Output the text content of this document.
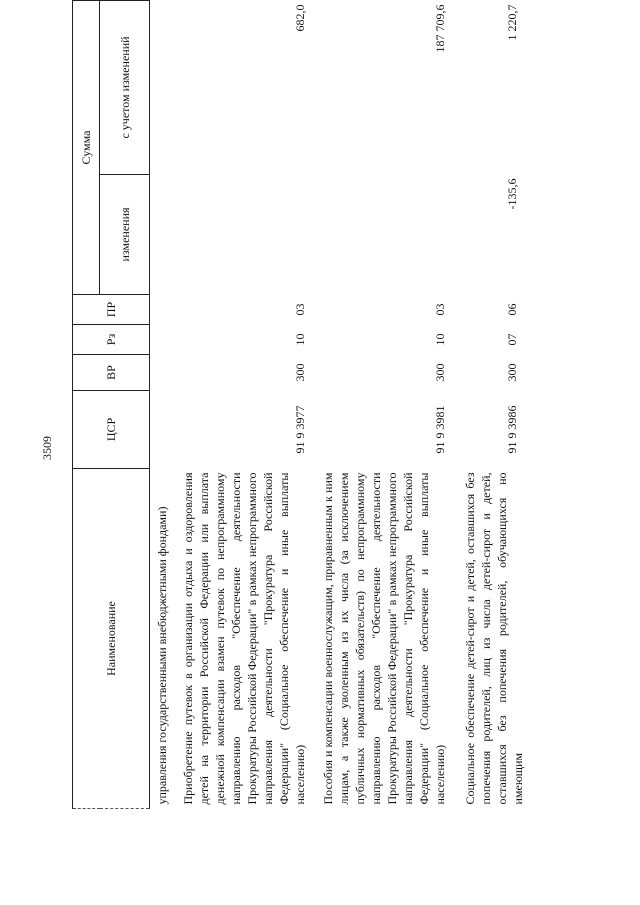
3509
Наименование	ЦСР	ВР	Рз	ПР	Сумма	
					изменения	с учетом изменений
управления государственными внебюджетными фондами)						
Приобретение путевок в организации отдыха и оздоровления детей на территории Российской Федерации или выплата денежной компенсации взамен путевок по непрограммному направлению расходов "Обеспечение деятельности Прокуратуры Российской Федерации" в рамках непрограммного направления деятельности "Прокуратура Российской Федерации" (Социальное обеспечение и иные выплаты населению)	91 9 3977	300	10	03		682,0
Пособия и компенсации военнослужащим, приравненным к ним лицам, а также уволенным из их числа (за исключением публичных нормативных обязательств) по непрограммному направлению расходов "Обеспечение деятельности Прокуратуры Российской Федерации" в рамках непрограммного направления деятельности "Прокуратура Российской Федерации" (Социальное обеспечение и иные выплаты населению)	91 9 3981	300	10	03		187 709,6

Социальное обеспечение детей-сирот и детей, оставшихся без попечения родителей, лиц из числа детей-сирот и детей, оставшихся без попечения родителей, обучающихся но имеющим	91 9 3986	300	07	06	-135,6	1 220,7
